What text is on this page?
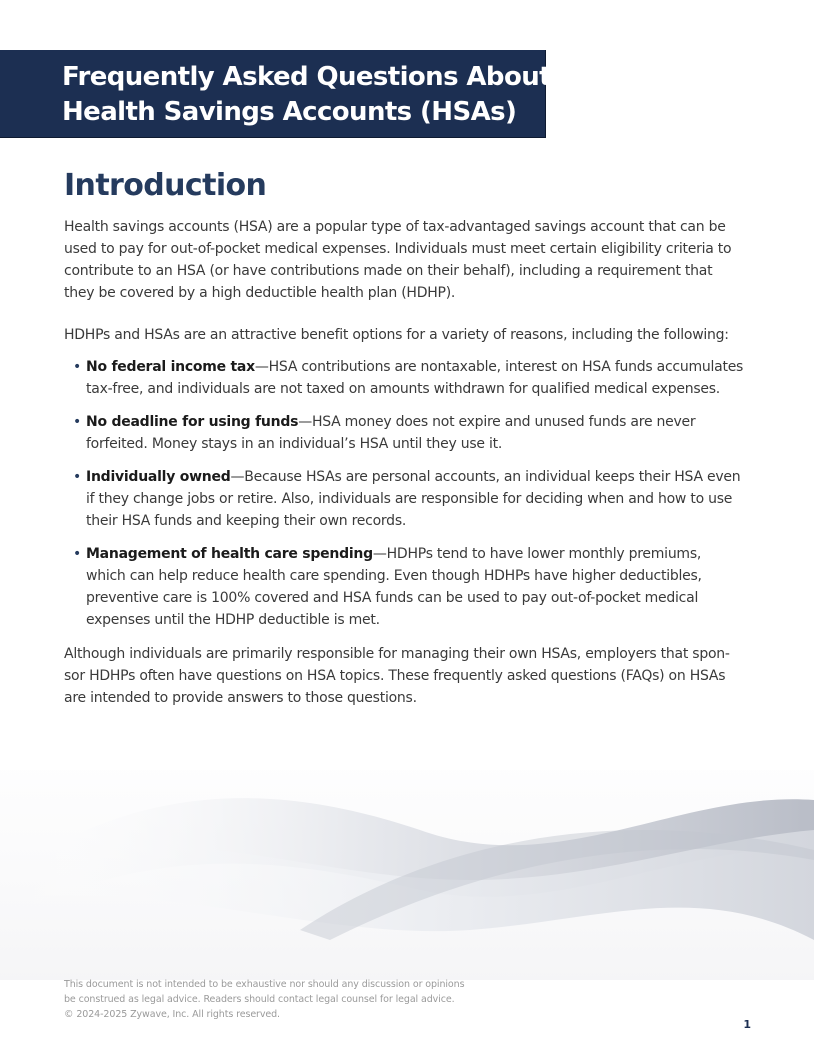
Frequently Asked Questions About
Health Savings Accounts (HSAs)
Introduction

Health savings accounts (HSA) are a popular type of tax-advantaged savings account that can be used to pay for out-of-pocket medical expenses. Individuals must meet certain eligibility criteria to contribute to an HSA (or have contributions made on their behalf), including a requirement that they be covered by a high deductible health plan (HDHP).

HDHPs and HSAs are an attractive benefit options for a variety of reasons, including the following:

• No federal income tax—HSA contributions are nontaxable, interest on HSA funds accumulates tax-free, and individuals are not taxed on amounts withdrawn for qualified medical expenses.
• No deadline for using funds—HSA money does not expire and unused funds are never forfeited. Money stays in an individual’s HSA until they use it.
• Individually owned—Because HSAs are personal accounts, an individual keeps their HSA even if they change jobs or retire. Also, individuals are responsible for deciding when and how to use their HSA funds and keeping their own records.
• Management of health care spending—HDHPs tend to have lower monthly premiums, which can help reduce health care spending. Even though HDHPs have higher deductibles, preventive care is 100% covered and HSA funds can be used to pay out-of-pocket medical expenses until the HDHP deductible is met.

Although individuals are primarily responsible for managing their own HSAs, employers that spon-sor HDHPs often have questions on HSA topics. These frequently asked questions (FAQs) on HSAs are intended to provide answers to those questions.

This document is not intended to be exhaustive nor should any discussion or opinions
be construed as legal advice. Readers should contact legal counsel for legal advice.
© 2024-2025 Zywave, Inc. All rights reserved.
1
